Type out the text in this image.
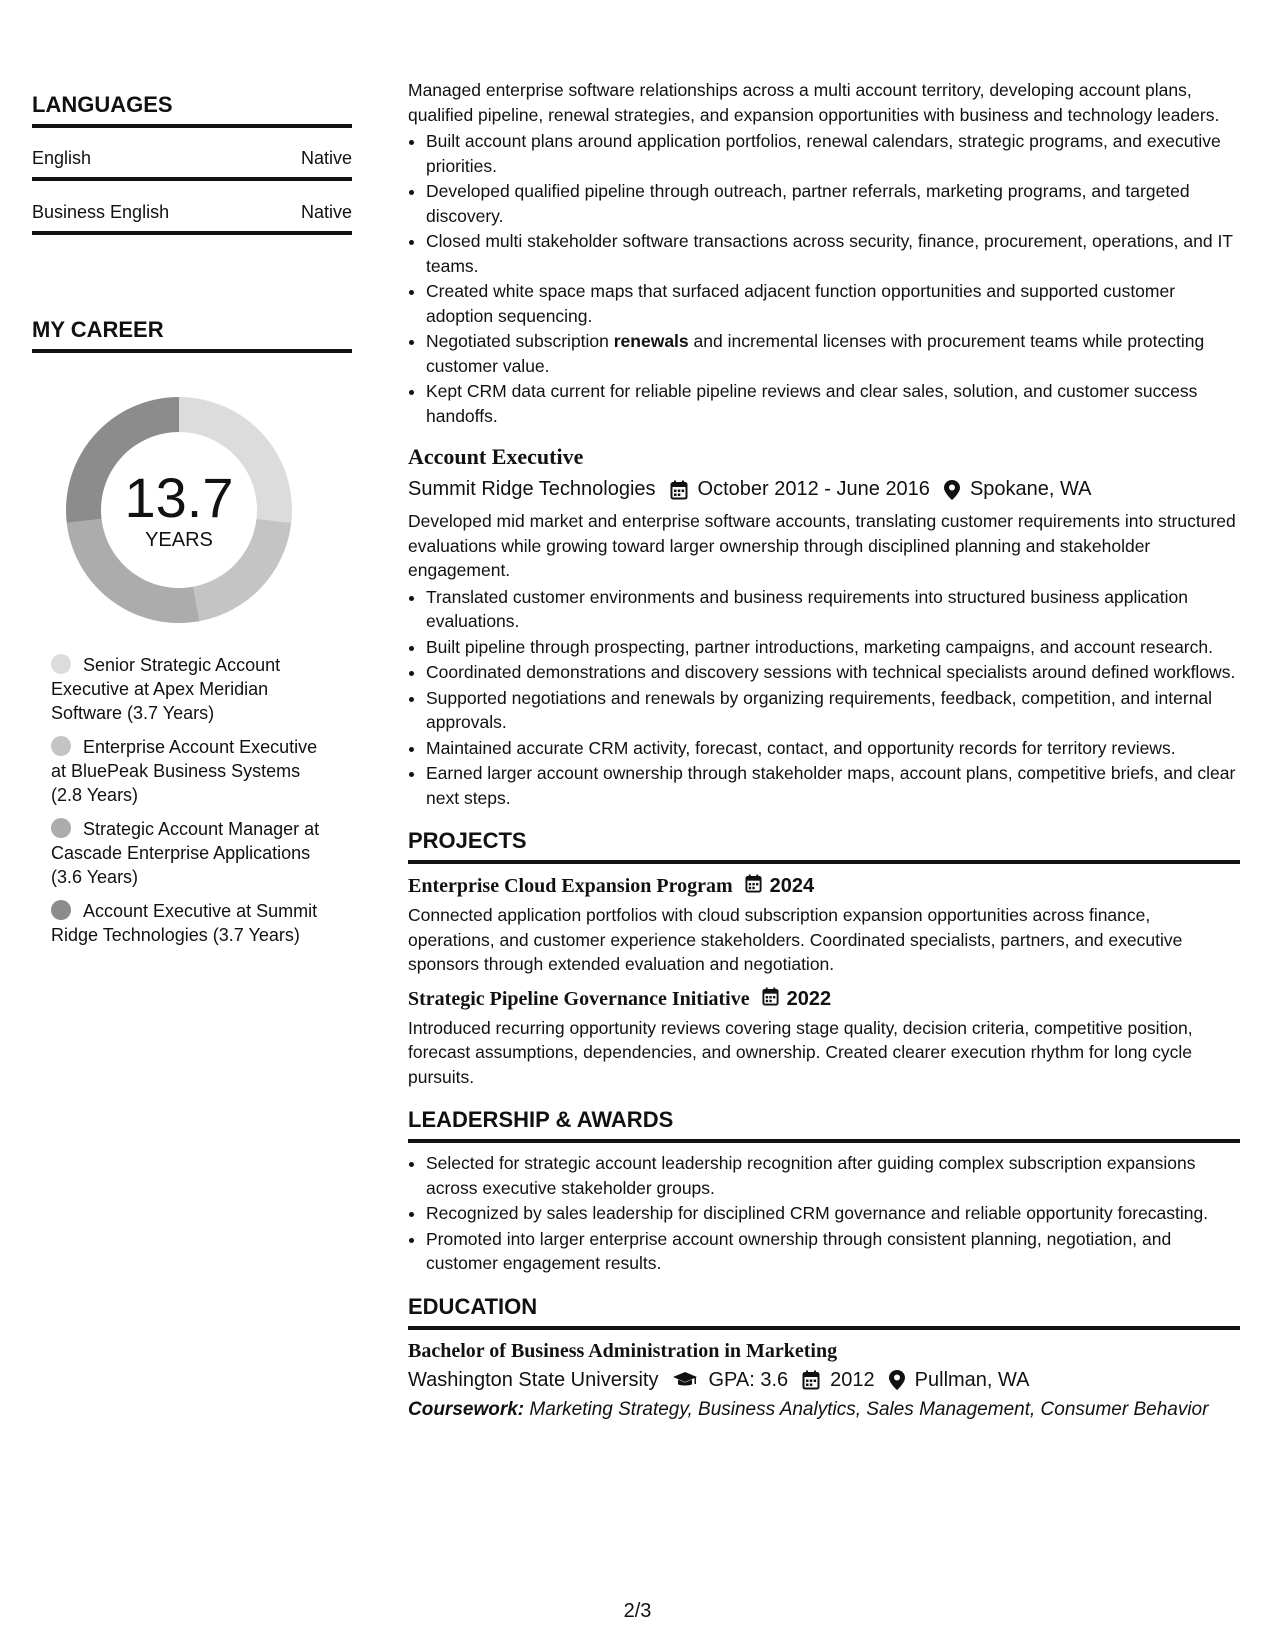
LANGUAGES
English	Native
Business English	Native
MY CAREER
13.7
YEARS
Senior Strategic Account Executive at Apex Meridian Software (3.7 Years)
Enterprise Account Executive at BluePeak Business Systems (2.8 Years)
Strategic Account Manager at Cascade Enterprise Applications (3.6 Years)
Account Executive at Summit Ridge Technologies (3.7 Years)

Managed enterprise software relationships across a multi account territory, developing account plans, qualified pipeline, renewal strategies, and expansion opportunities with business and technology leaders.

• Built account plans around application portfolios, renewal calendars, strategic programs, and executive priorities.
• Developed qualified pipeline through outreach, partner referrals, marketing programs, and targeted discovery.
• Closed multi stakeholder software transactions across security, finance, procurement, operations, and IT teams.
• Created white space maps that surfaced adjacent function opportunities and supported customer adoption sequencing.
• Negotiated subscription renewals and incremental licenses with procurement teams while protecting customer value.
• Kept CRM data current for reliable pipeline reviews and clear sales, solution, and customer success handoffs.
Account Executive
Summit Ridge Technologies October 2012 - June 2016 Spokane, WA

Developed mid market and enterprise software accounts, translating customer requirements into structured evaluations while growing toward larger ownership through disciplined planning and stakeholder engagement.

• Translated customer environments and business requirements into structured business application evaluations.
• Built pipeline through prospecting, partner introductions, marketing campaigns, and account research.
• Coordinated demonstrations and discovery sessions with technical specialists around defined workflows.
• Supported negotiations and renewals by organizing requirements, feedback, competition, and internal approvals.
• Maintained accurate CRM activity, forecast, contact, and opportunity records for territory reviews.
• Earned larger account ownership through stakeholder maps, account plans, competitive briefs, and clear next steps.
PROJECTS
Enterprise Cloud Expansion Program 2024

Connected application portfolios with cloud subscription expansion opportunities across finance, operations, and customer experience stakeholders. Coordinated specialists, partners, and executive sponsors through extended evaluation and negotiation.

Strategic Pipeline Governance Initiative 2022

Introduced recurring opportunity reviews covering stage quality, decision criteria, competitive position, forecast assumptions, dependencies, and ownership. Created clearer execution rhythm for long cycle pursuits.

LEADERSHIP & AWARDS
• Selected for strategic account leadership recognition after guiding complex subscription expansions across executive stakeholder groups.
• Recognized by sales leadership for disciplined CRM governance and reliable opportunity forecasting.
• Promoted into larger enterprise account ownership through consistent planning, negotiation, and customer engagement results.
EDUCATION
Bachelor of Business Administration in Marketing
Washington State University	GPA: 3.6 2012 Pullman, WA
Coursework: Marketing Strategy, Business Analytics, Sales Management, Consumer Behavior
2/3
